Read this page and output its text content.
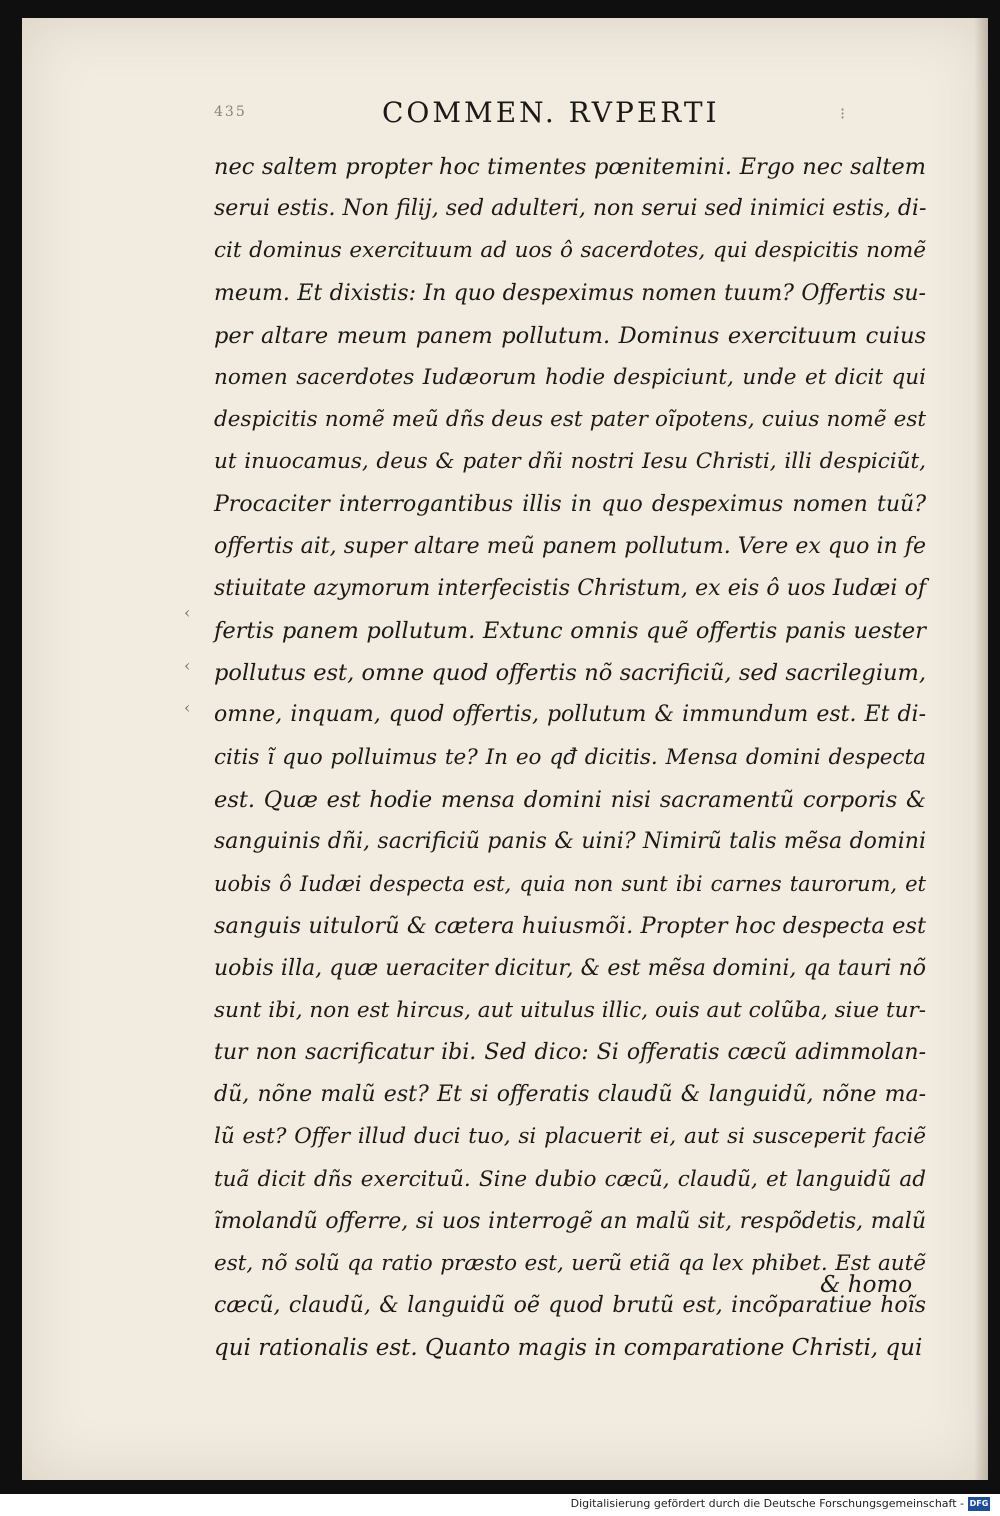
435	COMMEN. RVPERTI	⁝
nec saltem propter hoc timentes pœnitemini. Ergo nec saltem
serui estis. Non filij, sed adulteri, non serui sed inimici estis, di-
cit dominus exercituum ad uos ô sacerdotes, qui despicitis nomẽ
meum. Et dixistis: In quo despeximus nomen tuum? Offertis su-
per altare meum panem pollutum. Dominus exercituum cuius
nomen sacerdotes Iudæorum hodie despiciunt, unde et dicit qui
despicitis nomẽ meũ dñs deus est pater oĩpotens, cuius nomẽ est
ut inuocamus, deus & pater dñi nostri Iesu Christi, illi despiciũt,
Procaciter interrogantibus illis in quo despeximus nomen tuũ?
offertis ait, super altare meũ panem pollutum. Vere ex quo in fe
stiuitate azymorum interfecistis Christum, ex eis ô uos Iudæi of
fertis panem pollutum. Extunc omnis quẽ offertis panis uester
pollutus est, omne quod offertis nõ sacrificiũ, sed sacrilegium,
omne, inquam, quod offertis, pollutum & immundum est. Et di-
citis ĩ quo polluimus te? In eo qđ dicitis. Mensa domini despecta
est. Quæ est hodie mensa domini nisi sacramentũ corporis &
sanguinis dñi, sacrificiũ panis & uini? Nimirũ talis mẽsa domini
uobis ô Iudæi despecta est, quia non sunt ibi carnes taurorum, et
sanguis uitulorũ & cætera huiusmõi. Propter hoc despecta est
uobis illa, quæ ueraciter dicitur, & est mẽsa domini, qa tauri nõ
sunt ibi, non est hircus, aut uitulus illic, ouis aut colũba, siue tur-
tur non sacrificatur ibi. Sed dico: Si offeratis cæcũ adimmolan-
dũ, nõne malũ est? Et si offeratis claudũ & languidũ, nõne ma-
lũ est? Offer illud duci tuo, si placuerit ei, aut si susceperit faciẽ
tuã dicit dñs exercituũ. Sine dubio cæcũ, claudũ, et languidũ ad
ĩmolandũ offerre, si uos interrogẽ an malũ sit, respõdetis, malũ
est, nõ solũ qa ratio præsto est, uerũ etiã qa lex phibet. Est autẽ
cæcũ, claudũ, & languidũ oẽ quod brutũ est, incõparatiue hoĩs
qui rationalis est. Quanto magis in comparatione Christi, qui
‹
‹
‹
& homo
Digitalisierung gefördert durch die Deutsche Forschungsgemeinschaft - DFG
